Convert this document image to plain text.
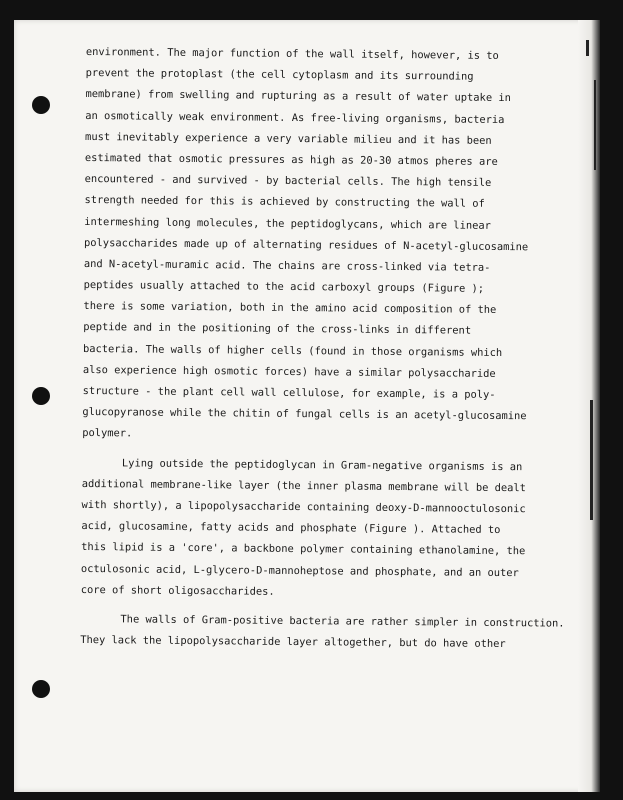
environment. The major function of the wall itself, however, is to
prevent the protoplast (the cell cytoplasm and its surrounding
membrane) from swelling and rupturing as a result of water uptake in
an osmotically weak environment. As free-living organisms, bacteria
must inevitably experience a very variable milieu and it has been
estimated that osmotic pressures as high as 20-30 atmos pheres are
encountered - and survived - by bacterial cells. The high tensile
strength needed for this is achieved by constructing the wall of
intermeshing long molecules, the peptidoglycans, which are linear
polysaccharides made up of alternating residues of N-acetyl-glucosamine
and N-acetyl-muramic acid. The chains are cross-linked via tetra-
peptides usually attached to the acid carboxyl groups (Figure );
there is some variation, both in the amino acid composition of the
peptide and in the positioning of the cross-links in different
bacteria. The walls of higher cells (found in those organisms which
also experience high osmotic forces) have a similar polysaccharide
structure - the plant cell wall cellulose, for example, is a poly-
glucopyranose while the chitin of fungal cells is an acetyl-glucosamine
polymer.
Lying outside the peptidoglycan in Gram-negative organisms is an
additional membrane-like layer (the inner plasma membrane will be dealt
with shortly), a lipopolysaccharide containing deoxy-D-mannooctulosonic
acid, glucosamine, fatty acids and phosphate (Figure ). Attached to
this lipid is a 'core', a backbone polymer containing ethanolamine, the
octulosonic acid, L-glycero-D-mannoheptose and phosphate, and an outer
core of short oligosaccharides.
The walls of Gram-positive bacteria are rather simpler in construction.
They lack the lipopolysaccharide layer altogether, but do have other
